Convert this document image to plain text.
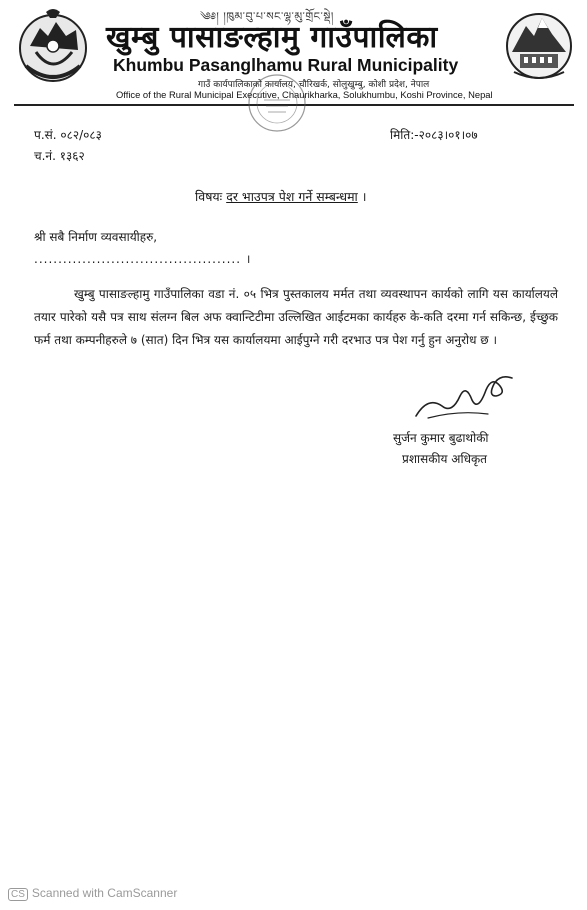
༄༅། །ཁུམ་བུ་པ་སང་ལྷ་མུ་གྲོང་སྡེ།
खुम्बु पासाङल्हामु गाउँपालिका
Khumbu Pasanglhamu Rural Municipality
गाउँ कार्यपालिकाको कार्यालय, चौरिखर्क, सोलुखुम्बु, कोशी प्रदेश, नेपाल
Office of the Rural Municipal Executive, Chaurikharka, Solukhumbu, Koshi Province, Nepal
प.सं. ०८२/०८३
च.नं. १३६२
मिति:-२०८३।०१।०७
विषयः दर भाउपत्र पेश गर्ने सम्बन्धमा ।
श्री सबै निर्माण व्यवसायीहरु,
........................................... ।
खुम्बु पासाङल्हामु गाउँपालिका वडा नं. ०५ भित्र पुस्तकालय मर्मत तथा व्यवस्थापन कार्यको लागि यस कार्यालयले तयार पारेको यसै पत्र साथ संलग्न बिल अफ क्वान्टिटीमा उल्लिखित आईटमका कार्यहरु के-कति दरमा गर्न सकिन्छ, ईच्छुक फर्म तथा कम्पनीहरुले ७ (सात) दिन भित्र यस कार्यालयमा आईपुग्ने गरी दरभाउ पत्र पेश गर्नु हुन अनुरोध छ ।
सुर्जन कुमार बुढाथोकी
प्रशासकीय अधिकृत
CS Scanned with CamScanner
